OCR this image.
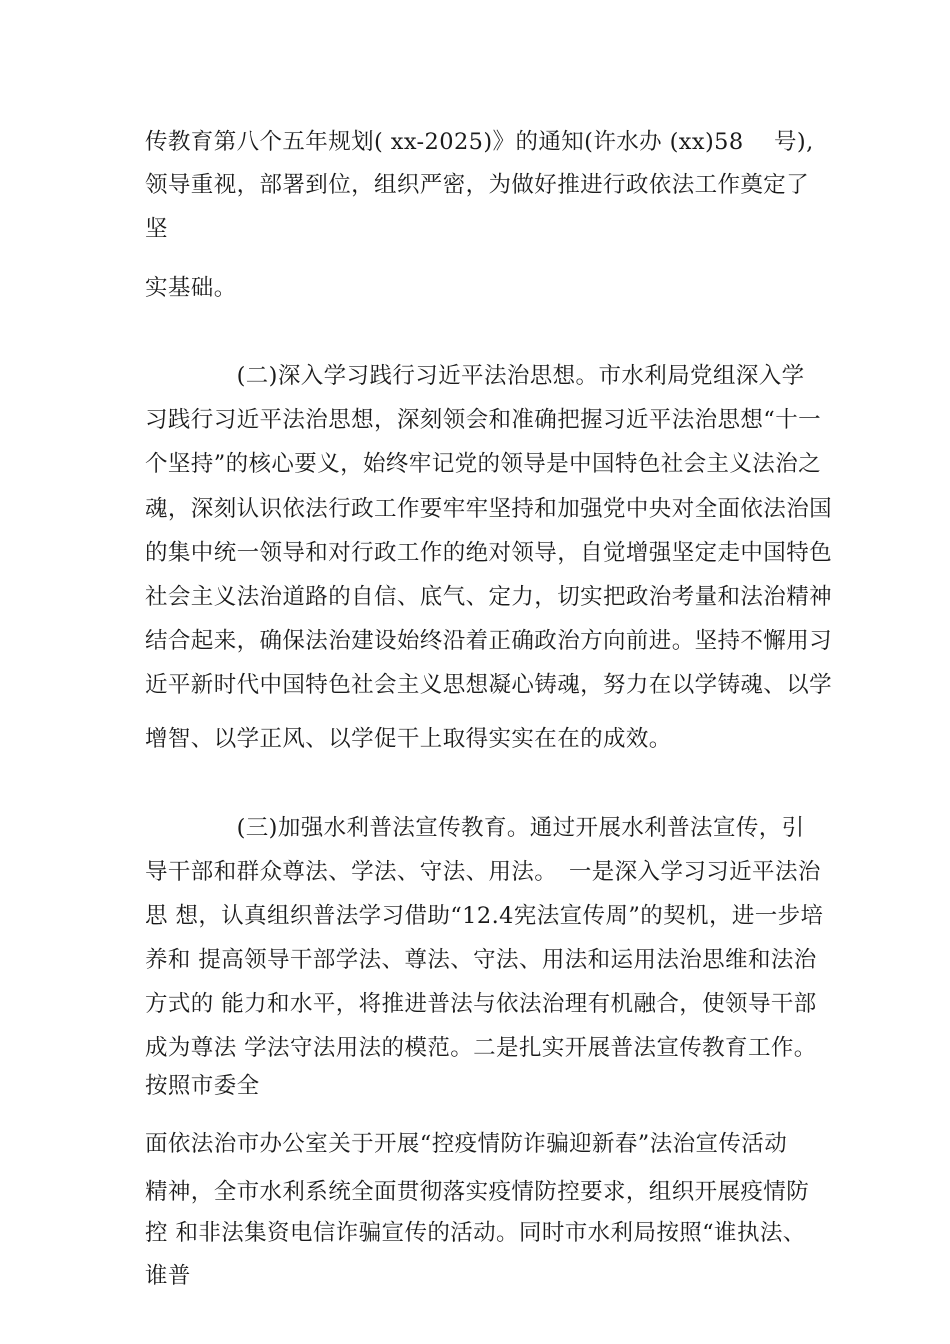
传教育第八个五年规划( xx-2025)》的通知(许水办 (xx)58　 号),
领导重视，部署到位，组织严密，为做好推进行政依法工作奠定了
坚
实基础。
　　　　(二)深入学习践行习近平法治思想。市水利局党组深入学
习践行习近平法治思想，深刻领会和准确把握习近平法治思想“十一
个坚持”的核心要义，始终牢记党的领导是中国特色社会主义法治之
魂，深刻认识依法行政工作要牢牢坚持和加强党中央对全面依法治国
的集中统一领导和对行政工作的绝对领导，自觉增强坚定走中国特色
社会主义法治道路的自信、底气、定力，切实把政治考量和法治精神
结合起来，确保法治建设始终沿着正确政治方向前进。坚持不懈用习
近平新时代中国特色社会主义思想凝心铸魂，努力在以学铸魂、以学
增智、以学正风、以学促干上取得实实在在的成效。
　　　　(三)加强水利普法宣传教育。通过开展水利普法宣传，引
导干部和群众尊法、学法、守法、用法。　一是深入学习习近平法治
思 想，认真组织普法学习借助“12.4宪法宣传周”的契机，进一步培
养和 提高领导干部学法、尊法、守法、用法和运用法治思维和法治
方式的 能力和水平，将推进普法与依法治理有机融合，使领导干部
成为尊法 学法守法用法的模范。二是扎实开展普法宣传教育工作。
按照市委全
面依法治市办公室关于开展“控疫情防诈骗迎新春”法治宣传活动
精神，全市水利系统全面贯彻落实疫情防控要求，组织开展疫情防
控 和非法集资电信诈骗宣传的活动。同时市水利局按照“谁执法、
谁普
